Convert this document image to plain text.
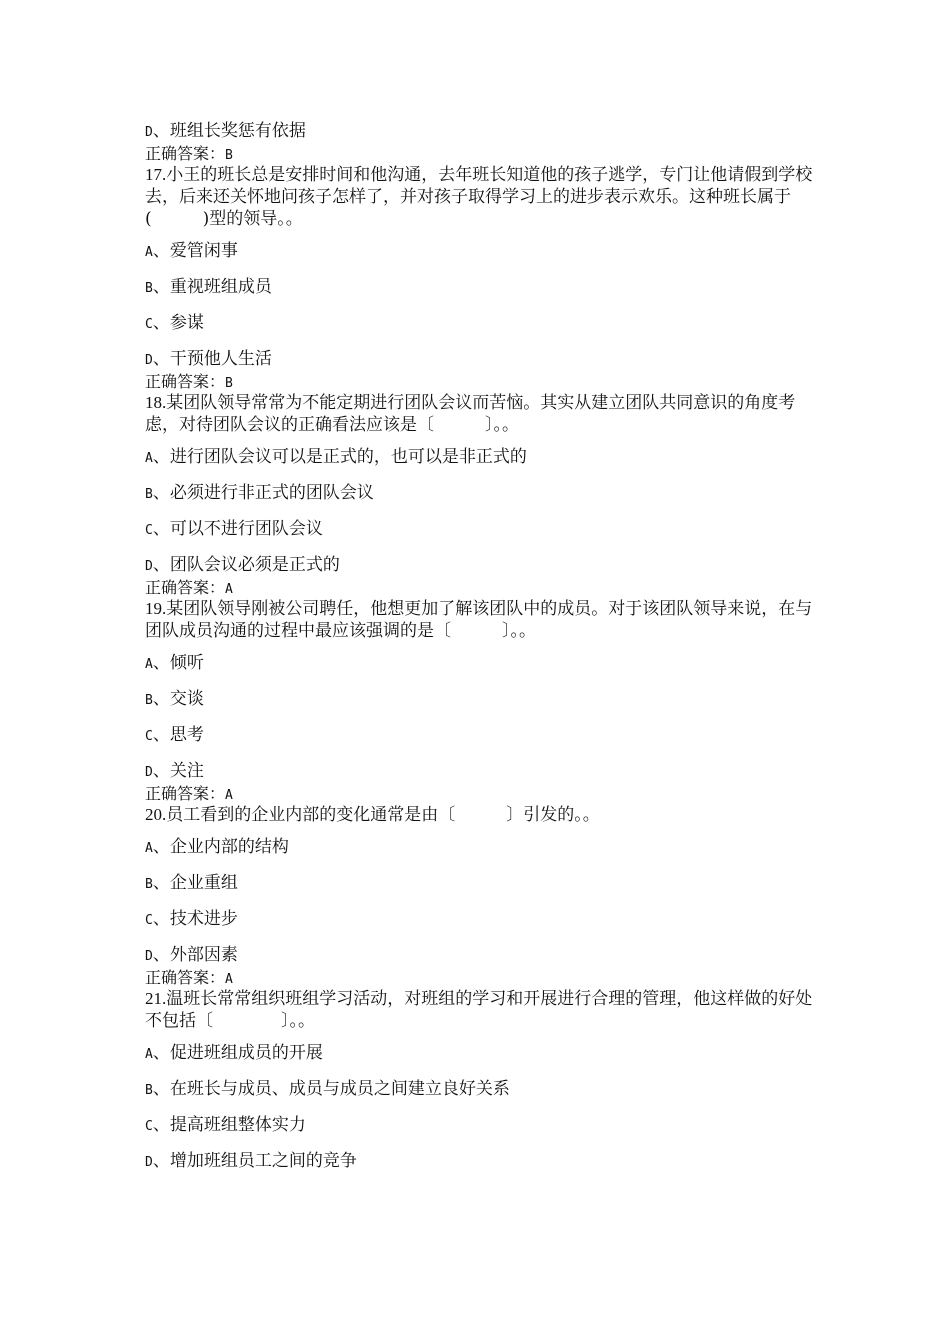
D、班组长奖惩有依据
正确答案：B
17.小王的班长总是安排时间和他沟通，去年班长知道他的孩子逃学，专门让他请假到学校去，后来还关怀地问孩子怎样了，并对孩子取得学习上的进步表示欢乐。这种班长属于(　　　)型的领导。。
A、爱管闲事
B、重视班组成员
C、参谋
D、干预他人生活
正确答案：B
18.某团队领导常常为不能定期进行团队会议而苦恼。其实从建立团队共同意识的角度考虑，对待团队会议的正确看法应该是〔　　　〕。。
A、进行团队会议可以是正式的，也可以是非正式的
B、必须进行非正式的团队会议
C、可以不进行团队会议
D、团队会议必须是正式的
正确答案：A
19.某团队领导刚被公司聘任，他想更加了解该团队中的成员。对于该团队领导来说，在与团队成员沟通的过程中最应该强调的是〔　　　〕。。
A、倾听
B、交谈
C、思考
D、关注
正确答案：A
20.员工看到的企业内部的变化通常是由〔　　　〕引发的。。
A、企业内部的结构
B、企业重组
C、技术进步
D、外部因素
正确答案：A
21.温班长常常组织班组学习活动，对班组的学习和开展进行合理的管理，他这样做的好处不包括〔　　　　〕。。
A、促进班组成员的开展
B、在班长与成员、成员与成员之间建立良好关系
C、提高班组整体实力
D、增加班组员工之间的竞争
